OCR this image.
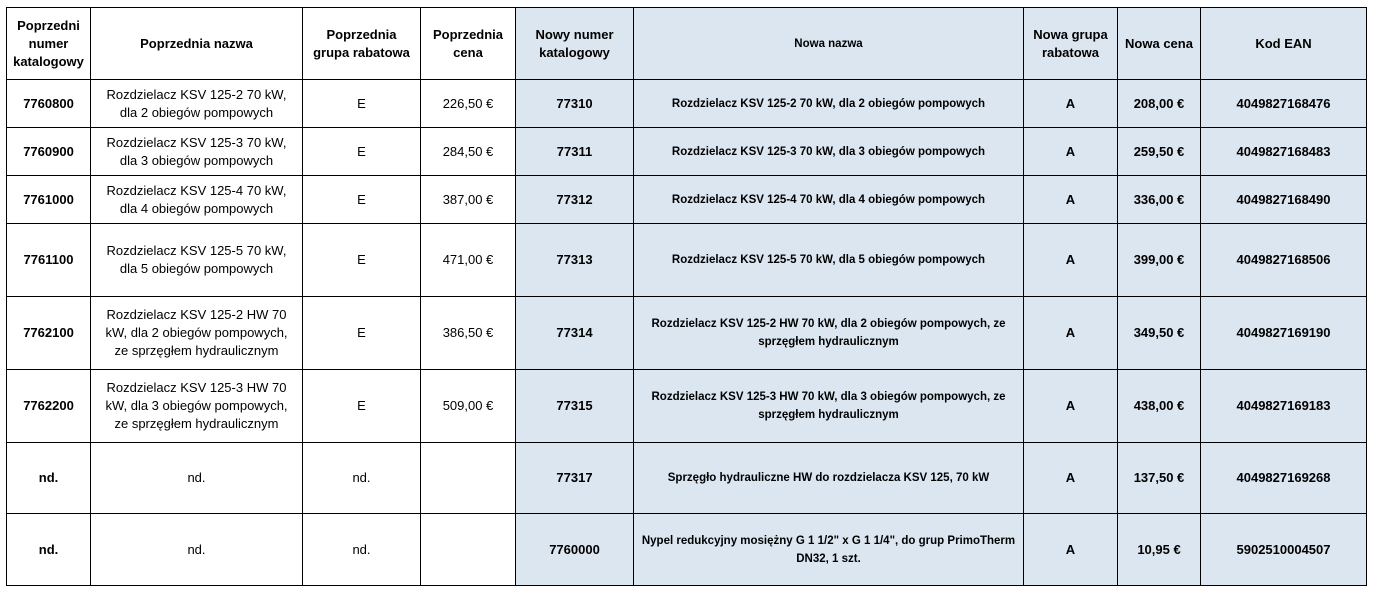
Poprzedni numer katalogowy	Poprzednia nazwa	Poprzednia grupa rabatowa	Poprzednia cena	Nowy numer katalogowy	Nowa nazwa	Nowa grupa rabatowa	Nowa cena	Kod EAN
7760800	Rozdzielacz KSV 125-2 70 kW, dla 2 obiegów pompowych	E	226,50 €	77310	Rozdzielacz KSV 125-2 70 kW, dla 2 obiegów pompowych	A	208,00 €	4049827168476
7760900	Rozdzielacz KSV 125-3 70 kW, dla 3 obiegów pompowych	E	284,50 €	77311	Rozdzielacz KSV 125-3 70 kW, dla 3 obiegów pompowych	A	259,50 €	4049827168483
7761000	Rozdzielacz KSV 125-4 70 kW, dla 4 obiegów pompowych	E	387,00 €	77312	Rozdzielacz KSV 125-4 70 kW, dla 4 obiegów pompowych	A	336,00 €	4049827168490
7761100	Rozdzielacz KSV 125-5 70 kW, dla 5 obiegów pompowych	E	471,00 €	77313	Rozdzielacz KSV 125-5 70 kW, dla 5 obiegów pompowych	A	399,00 €	4049827168506
7762100	Rozdzielacz KSV 125-2 HW 70 kW, dla 2 obiegów pompowych, ze sprzęgłem hydraulicznym	E	386,50 €	77314	Rozdzielacz KSV 125-2 HW 70 kW, dla 2 obiegów pompowych, ze sprzęgłem hydraulicznym	A	349,50 €	4049827169190
7762200	Rozdzielacz KSV 125-3 HW 70 kW, dla 3 obiegów pompowych, ze sprzęgłem hydraulicznym	E	509,00 €	77315	Rozdzielacz KSV 125-3 HW 70 kW, dla 3 obiegów pompowych, ze sprzęgłem hydraulicznym	A	438,00 €	4049827169183
nd.	nd.	nd.		77317	Sprzęgło hydrauliczne HW do rozdzielacza KSV 125, 70 kW	A	137,50 €	4049827169268
nd.	nd.	nd.		7760000	Nypel redukcyjny mosiężny G 1 1/2" x G 1 1/4", do grup PrimoTherm DN32, 1 szt.	A	10,95 €	5902510004507
